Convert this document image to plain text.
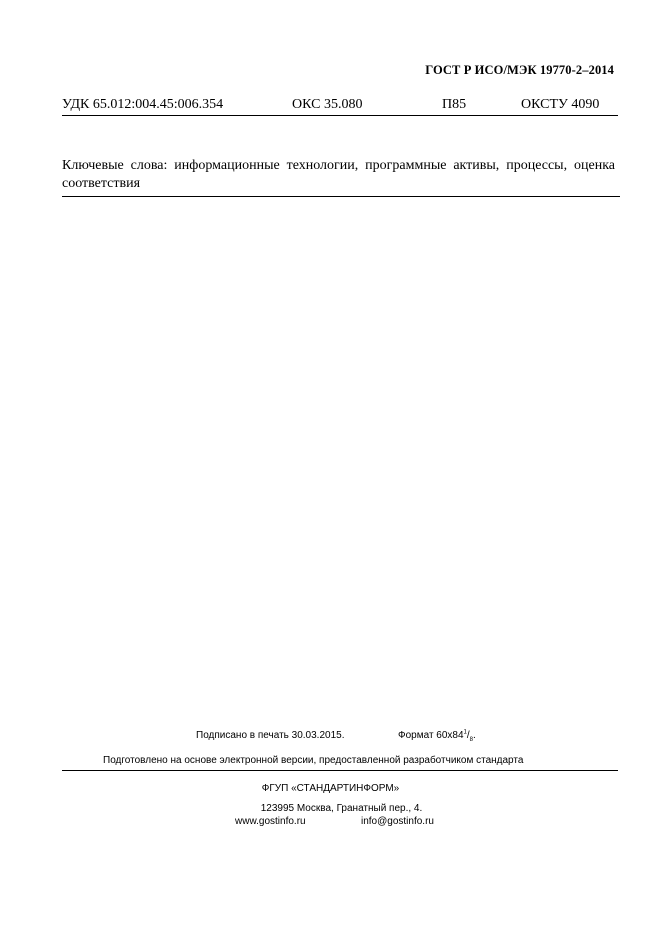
ГОСТ Р ИСО/МЭК 19770-2–2014
УДК 65.012:004.45:006.354	ОКС 35.080	П85	ОКСТУ 4090
Ключевые слова: информационные технологии, программные активы, процессы, оценка соответствия
Подписано в печать 30.03.2015.	Формат $60х84^1/_8$.
Подготовлено на основе электронной версии, предоставленной разработчиком стандарта
ФГУП «СТАНДАРТИНФОРМ»
123995 Москва, Гранатный пер., 4.
www.gostinfo.ru	info@gostinfo.ru
